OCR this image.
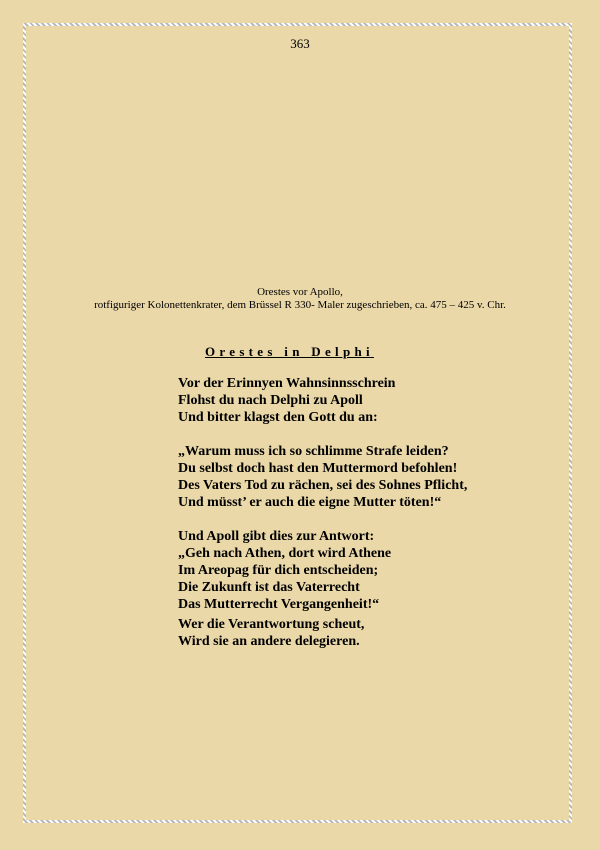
363
Orestes vor Apollo,
rotfiguriger Kolonettenkrater, dem Brüssel R 330- Maler zugeschrieben, ca. 475 – 425 v. Chr.
Orestes in Delphi
Vor der Erinnyen Wahnsinnsschrein
Flohst du nach Delphi zu Apoll
Und bitter klagst den Gott du an:
„Warum muss ich so schlimme Strafe leiden?
Du selbst doch hast den Muttermord befohlen!
Des Vaters Tod zu rächen, sei des Sohnes Pflicht,
Und müsst’ er auch die eigne Mutter töten!“
Und Apoll gibt dies zur Antwort:
„Geh nach Athen, dort wird Athene
Im Areopag für dich entscheiden;
Die Zukunft ist das Vaterrecht
Das Mutterrecht Vergangenheit!“
Wer die Verantwortung scheut,
Wird sie an andere delegieren.
